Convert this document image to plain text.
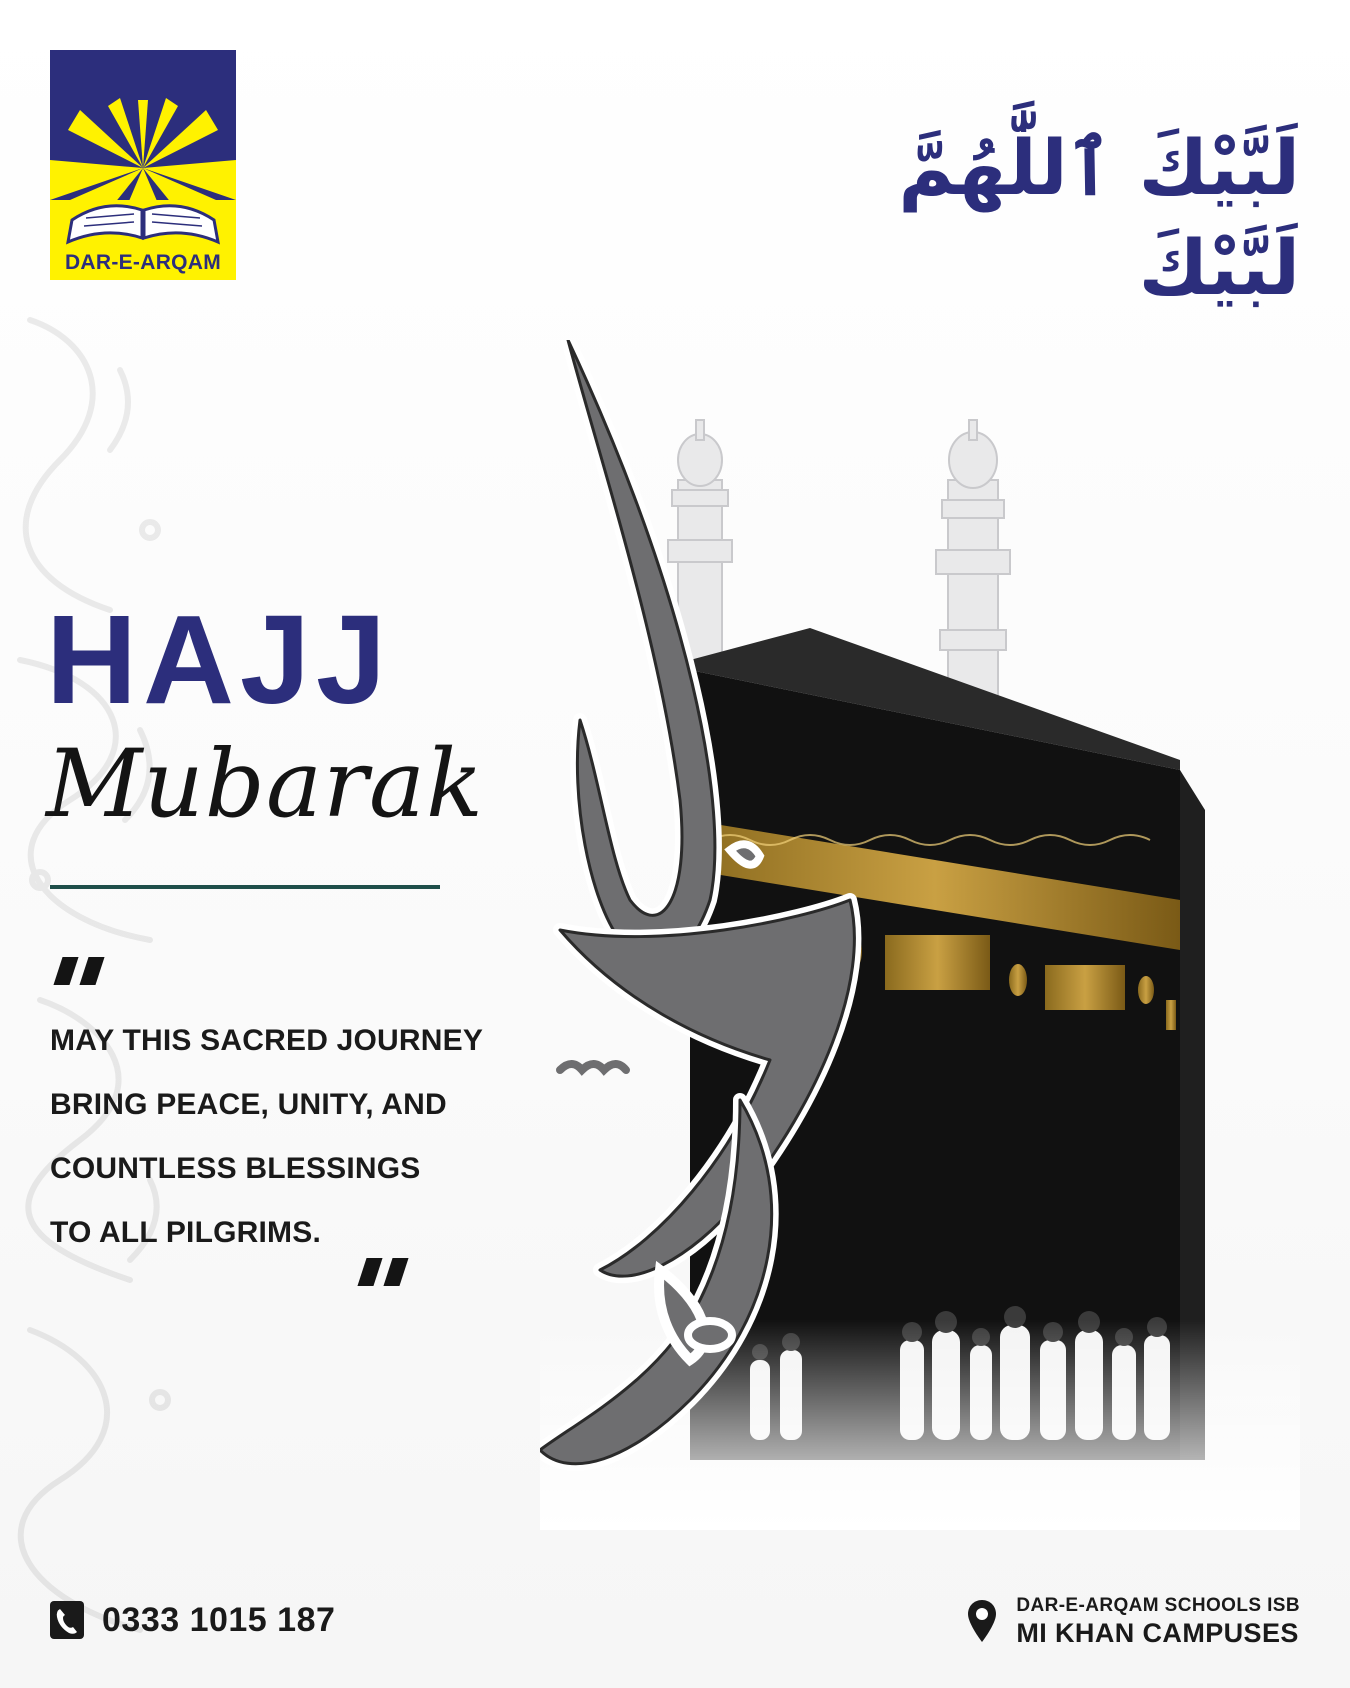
DAR-E-ARQAM
لَبَّيْكَ ٱللَّٰهُمَّ لَبَّيْكَ
HAJJ
Mubarak
MAY THIS SACRED JOURNEY
BRING PEACE, UNITY, AND
COUNTLESS BLESSINGS
TO ALL PILGRIMS.
0333 1015 187	DAR-E-ARQAM SCHOOLS ISB
MI KHAN CAMPUSES
